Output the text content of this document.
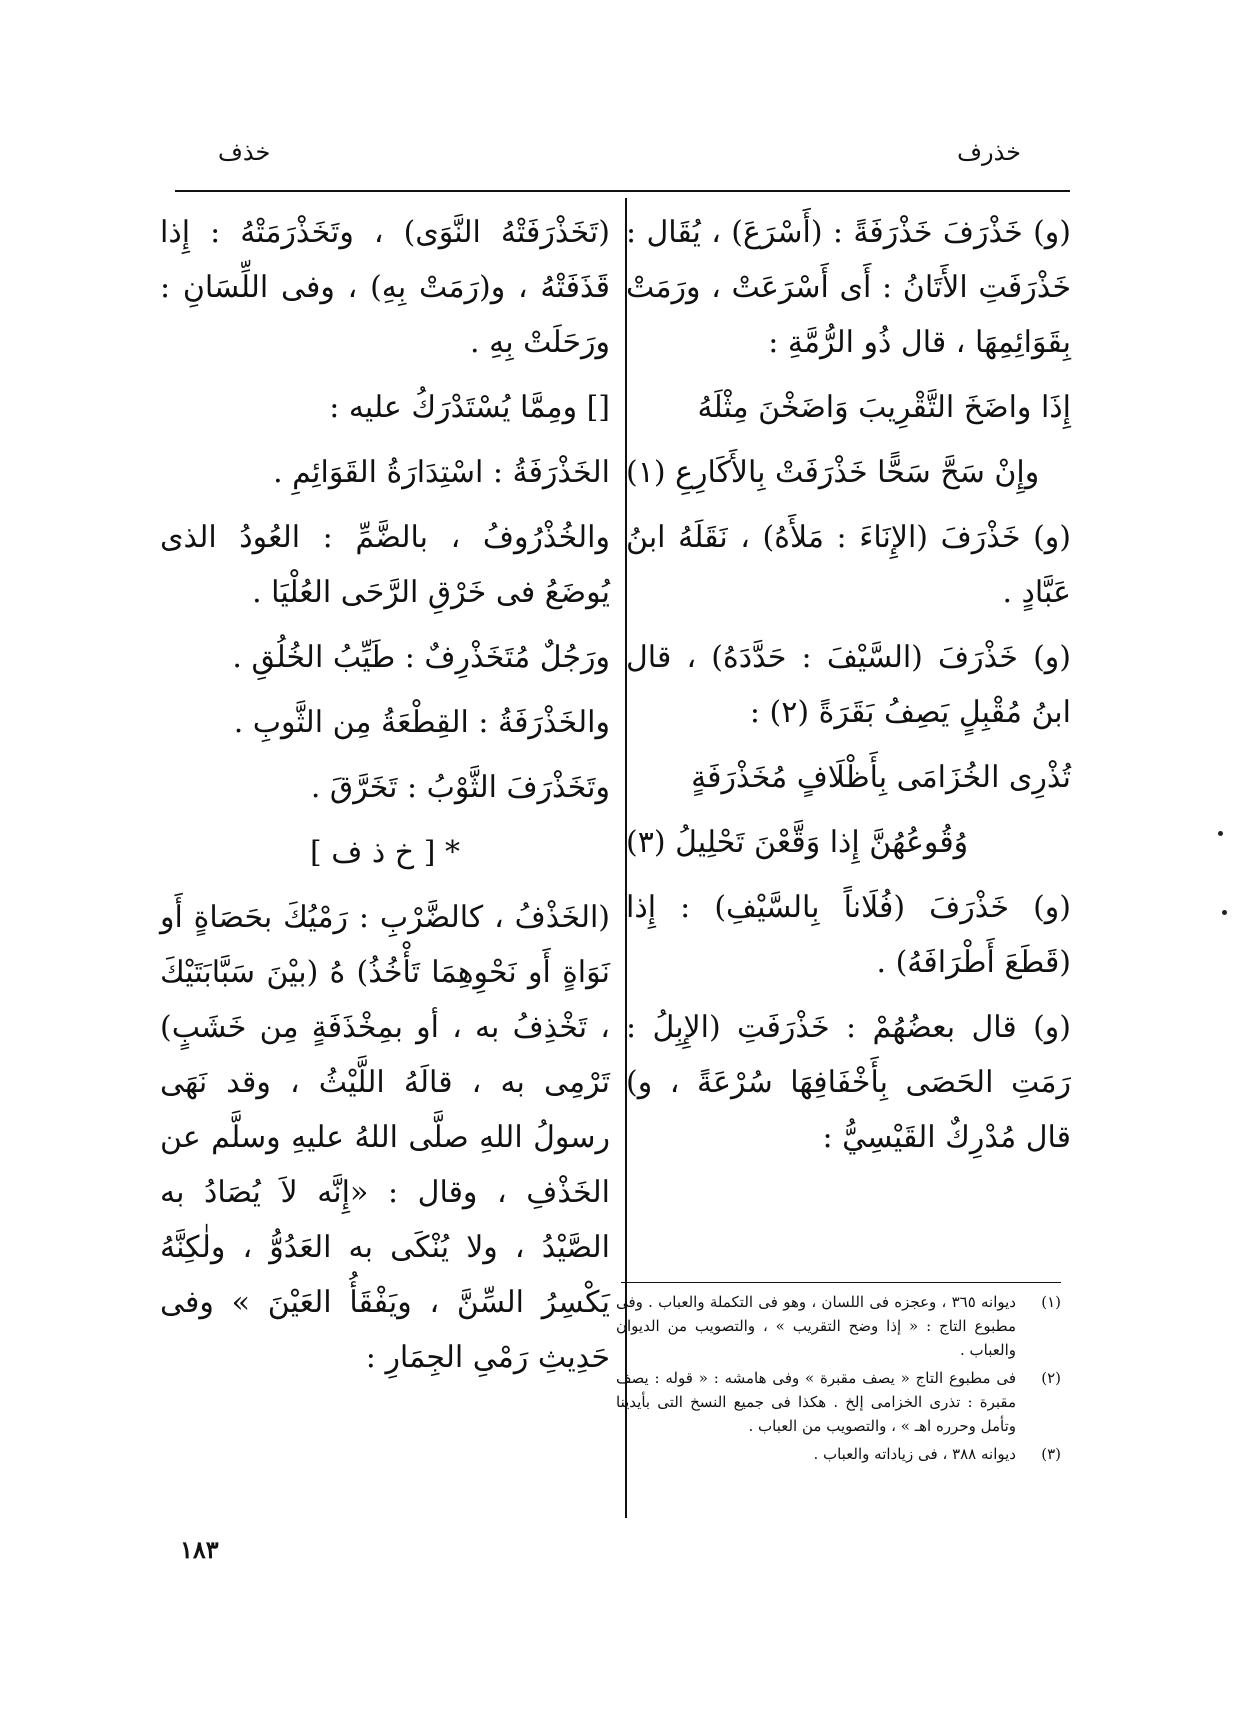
خذرف
خذف

(و) خَذْرَفَ خَذْرَفَةً : (أَسْرَعَ) ، يُقَال : خَذْرَفَتِ الأَتَانُ : أَى أَسْرَعَتْ ، ورَمَتْ بِقَوَائِمِهَا ، قال ذُو الرُّمَّةِ :

إِذَا واضَخَ التَّقْرِيبَ وَاضَخْنَ مِثْلَهُ

وإِنْ سَحَّ سَحًّا خَذْرَفَتْ بِالأَكَارِعِ (١)

(و) خَذْرَفَ (الإِنَاءَ : مَلأَهُ) ، نَقَلَهُ ابنُ عَبَّادٍ .

(و) خَذْرَفَ (السَّيْفَ : حَدَّدَهُ) ، قال ابنُ مُقْبِلٍ يَصِفُ بَقَرَةً (٢) :

تُذْرِى الخُزَامَى بِأَظْلَافٍ مُخَذْرَفَةٍ

وُقُوعُهُنَّ إِذا وَقَّعْنَ تَحْلِيلُ (٣)

(و) خَذْرَفَ (فُلَاناً بِالسَّيْفِ) : إِذا (قَطَعَ أَطْرَافَهُ) .

(و) قال بعضُهُمْ : خَذْرَفَتِ (الإِبِلُ : رَمَتِ الحَصَى بِأَخْفَافِهَا سُرْعَةً ، و) قال مُدْرِكٌ القَيْسِيُّ :

(١)
ديوانه ٣٦٥ ، وعجزه فى اللسان ، وهو فى التكملة والعباب . وفى مطبوع التاج : « إذا وضح التقريب » ، والتصويب من الديوان والعباب .
(٢)
فى مطبوع التاج « يصف مقبرة » وفى هامشه : « قوله : يصف مقبرة : تذرى الخزامى إلخ . هكذا فى جميع النسخ التى بأيدينا وتأمل وحرره اهـ » ، والتصويب من العباب .
(٣)
ديوانه ٣٨٨ ، فى زياداته والعباب .

(تَخَذْرَفَتْهُ النَّوَى) ، وتَخَذْرَمَتْهُ : إِذا قَذَفَتْهُ ، و(رَمَتْ بِهِ) ، وفى اللِّسَانِ : ورَحَلَتْ بِهِ .

[] ومِمَّا يُسْتَدْرَكُ عليه :

الخَذْرَفَةُ : اسْتِدَارَةُ القَوَائِمِ .

والخُذْرُوفُ ، بالضَّمِّ : العُودُ الذى يُوضَعُ فى خَرْقِ الرَّحَى العُلْيَا .

ورَجُلٌ مُتَخَذْرِفٌ : طَيِّبُ الخُلُقِ .

والخَذْرَفَةُ : القِطْعَةُ مِن الثَّوبِ .

وتَخَذْرَفَ الثَّوْبُ : تَخَرَّقَ .

* [ خ ذ ف ]

(الخَذْفُ ، كالضَّرْبِ : رَمْيُكَ بحَصَاةٍ أَو نَوَاةٍ أَو نَحْوِهِمَا تَأْخُذُ) هُ (بيْنَ سَبَّابَتَيْكَ ، تَخْذِفُ به ، أو بمِخْذَفَةٍ مِن خَشَبٍ) تَرْمِى به ، قالَهُ اللَّيْثُ ، وقد نَهَى رسولُ اللهِ صلَّى اللهُ عليهِ وسلَّم عن الخَذْفِ ، وقال : «إِنَّه لاَ يُصَادُ به الصَّيْدُ ، ولا يُنْكَى به العَدُوُّ ، ولٰكِنَّهُ يَكْسِرُ السِّنَّ ، ويَفْقَأُ العَيْنَ » وفى حَدِيثِ رَمْىِ الجِمَارِ :

١٨٣
